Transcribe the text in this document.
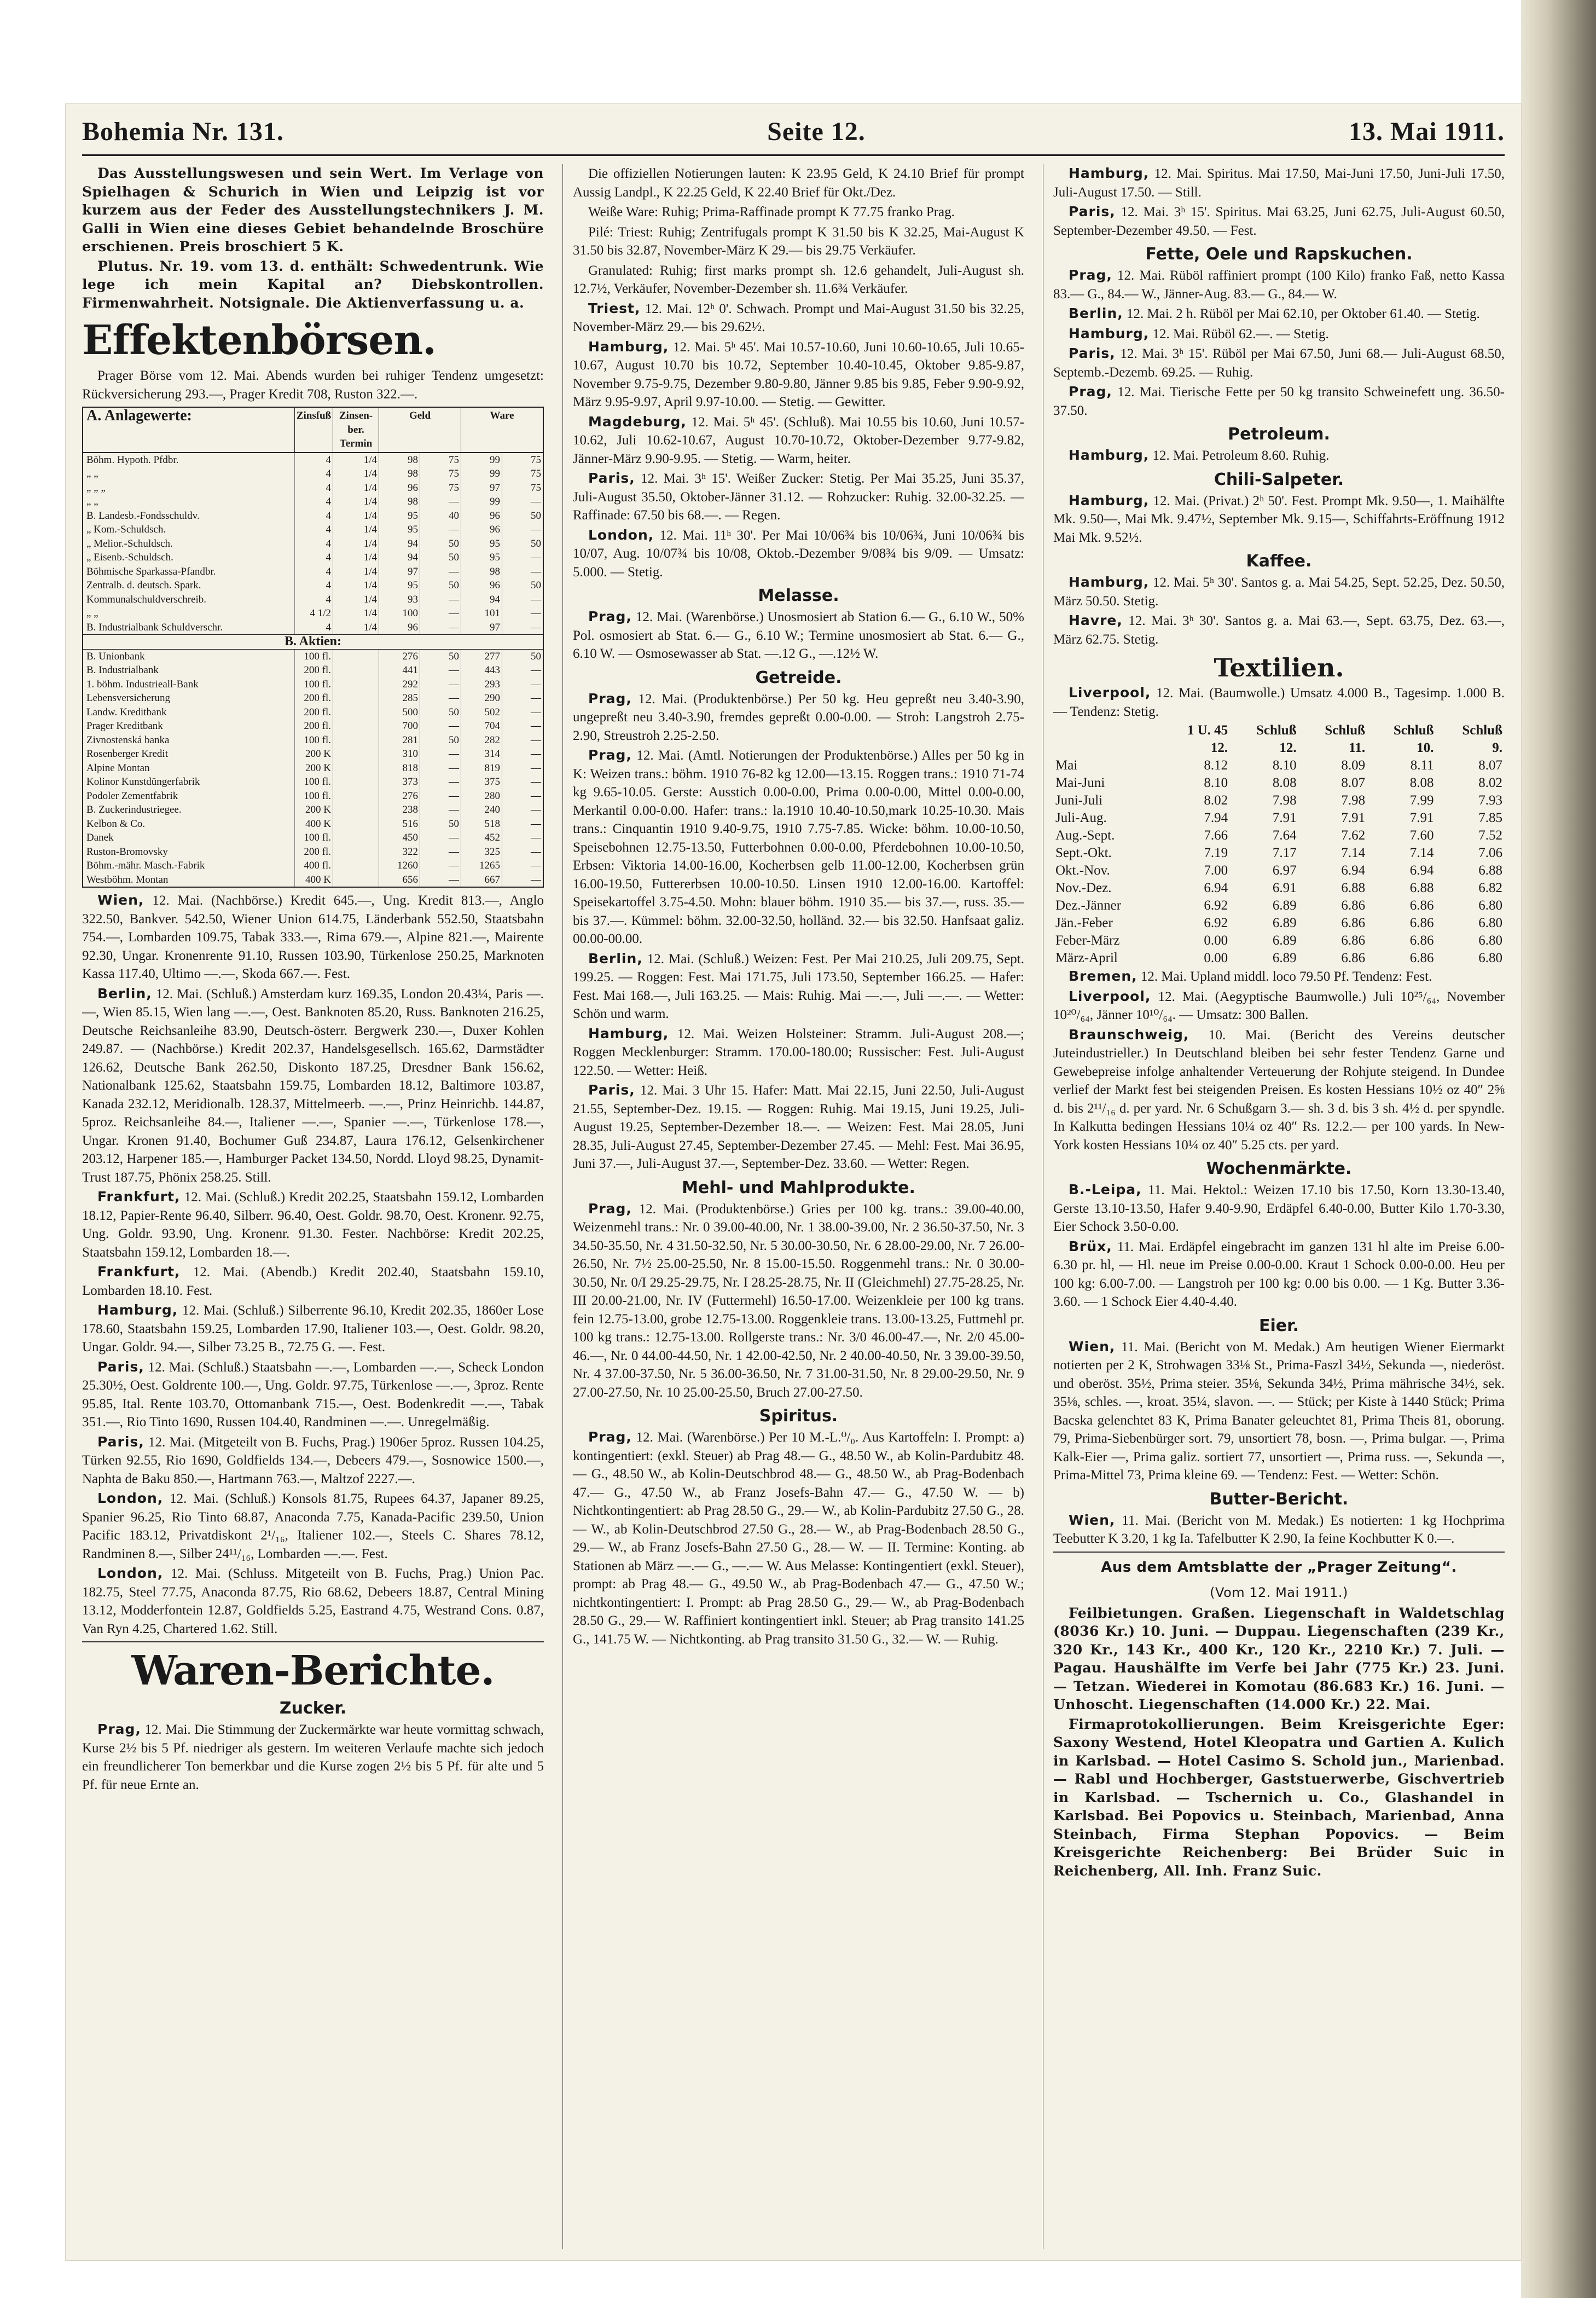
Bohemia Nr. 131.	Seite 12.	13. Mai 1911.

Das Ausstellungswesen und sein Wert. Im Verlage von Spielhagen & Schurich in Wien und Leipzig ist vor kurzem aus der Feder des Ausstellungstechnikers J. M. Galli in Wien eine dieses Gebiet behandelnde Broschüre erschienen. Preis broschiert 5 K.

Plutus. Nr. 19. vom 13. d. enthält: Schwedentrunk. Wie lege ich mein Kapital an? Diebskontrollen. Firmenwahrheit. Notsignale. Die Aktienverfassung u. a.

Effektenbörsen.

Prager Börse vom 12. Mai. Abends wurden bei ruhiger Tendenz umgesetzt: Rückversicherung 293.—, Prager Kredit 708, Ruston 322.—.

A. Anlagewerte:	Zinsfuß Zinsen-ber. Termin
Geld	Ware
Böhm. Hypoth. Pfdbr.	4	1/4	98	75	99	75
„ „	4	1/4	98	75	99	75
„ „ „	4	1/4	96	75	97	75
„ „	4	1/4	98	—	99	—
B. Landesb.-Fondsschuldv.	4	1/4	95	40	96	50
„ Kom.-Schuldsch.	4	1/4	95	—	96	—
„ Melior.-Schuldsch.	4	1/4	94	50	95	50
„ Eisenb.-Schuldsch.	4	1/4	94	50	95	—
Böhmische Sparkassa-Pfandbr.	4	1/4	97	—	98	—
Zentralb. d. deutsch. Spark.	4	1/4	95	50	96	50
Kommunalschuldverschreib.	4	1/4	93	—	94	—
„ „	4 1/2	1/4	100	—	101	—
B. Industrialbank Schuldverschr.	4	1/4	96	—	97	—
B. Aktien:
B. Unionbank	100 fl.	276	50	277	50
B. Industrialbank	200 fl.	441	—	443	—
1. böhm. Industrieall-Bank	100 fl.	292	—	293	—
Lebensversicherung	200 fl.	285	—	290	—
Landw. Kreditbank	200 fl.	500	50	502	—
Prager Kreditbank	200 fl.	700	—	704	—
Zivnostenská banka	100 fl.	281	50	282	—
Rosenberger Kredit	200 K	310	—	314	—
Alpine Montan	200 K	818	—	819	—
Kolinor Kunstdüngerfabrik	100 fl.	373	—	375	—
Podoler Zementfabrik	100 fl.	276	—	280	—
B. Zuckerindustriegee.	200 K	238	—	240	—
Kelbon & Co.	400 K	516	50	518	—
Danek	100 fl.	450	—	452	—
Ruston-Bromovsky	200 fl.	322	—	325	—
Böhm.-mähr. Masch.-Fabrik	400 fl.	1260	—	1265	—
Westböhm. Montan	400 K	656	—	667	—

Wien, 12. Mai. (Nachbörse.) Kredit 645.—, Ung. Kredit 813.—, Anglo 322.50, Bankver. 542.50, Wiener Union 614.75, Länderbank 552.50, Staatsbahn 754.—, Lombarden 109.75, Tabak 333.—, Rima 679.—, Alpine 821.—, Mairente 92.30, Ungar. Kronenrente 91.10, Russen 103.90, Türkenlose 250.25, Marknoten Kassa 117.40, Ultimo —.—, Skoda 667.—. Fest.

Berlin, 12. Mai. (Schluß.) Amsterdam kurz 169.35, London 20.43¼, Paris —.—, Wien 85.15, Wien lang —.—, Oest. Banknoten 85.20, Russ. Banknoten 216.25, Deutsche Reichsanleihe 83.90, Deutsch-österr. Bergwerk 230.—, Duxer Kohlen 249.87. — (Nachbörse.) Kredit 202.37, Handelsgesellsch. 165.62, Darmstädter 126.62, Deutsche Bank 262.50, Diskonto 187.25, Dresdner Bank 156.62, Nationalbank 125.62, Staatsbahn 159.75, Lombarden 18.12, Baltimore 103.87, Kanada 232.12, Meridionalb. 128.37, Mittelmeerb. —.—, Prinz Heinrichb. 144.87, 5proz. Reichsanleihe 84.—, Italiener —.—, Spanier —.—, Türkenlose 178.—, Ungar. Kronen 91.40, Bochumer Guß 234.87, Laura 176.12, Gelsenkirchener 203.12, Harpener 185.—, Hamburger Packet 134.50, Nordd. Lloyd 98.25, Dynamit-Trust 187.75, Phönix 258.25. Still.

Frankfurt, 12. Mai. (Schluß.) Kredit 202.25, Staatsbahn 159.12, Lombarden 18.12, Papier-Rente 96.40, Silberr. 96.40, Oest. Goldr. 98.70, Oest. Kronenr. 92.75, Ung. Goldr. 93.90, Ung. Kronenr. 91.30. Fester. Nachbörse: Kredit 202.25, Staatsbahn 159.12, Lombarden 18.—.

Frankfurt, 12. Mai. (Abendb.) Kredit 202.40, Staatsbahn 159.10, Lombarden 18.10. Fest.

Hamburg, 12. Mai. (Schluß.) Silberrente 96.10, Kredit 202.35, 1860er Lose 178.60, Staatsbahn 159.25, Lombarden 17.90, Italiener 103.—, Oest. Goldr. 98.20, Ungar. Goldr. 94.—, Silber 73.25 B., 72.75 G. —. Fest.

Paris, 12. Mai. (Schluß.) Staatsbahn —.—, Lombarden —.—, Scheck London 25.30½, Oest. Goldrente 100.—, Ung. Goldr. 97.75, Türkenlose —.—, 3proz. Rente 95.85, Ital. Rente 103.70, Ottomanbank 715.—, Oest. Bodenkredit —.—, Tabak 351.—, Rio Tinto 1690, Russen 104.40, Randminen —.—. Unregelmäßig.

Paris, 12. Mai. (Mitgeteilt von B. Fuchs, Prag.) 1906er 5proz. Russen 104.25, Türken 92.55, Rio 1690, Goldfields 134.—, Debeers 479.—, Sosnowice 1500.—, Naphta de Baku 850.—, Hartmann 763.—, Maltzof 2227.—.

London, 12. Mai. (Schluß.) Konsols 81.75, Rupees 64.37, Japaner 89.25, Spanier 96.25, Rio Tinto 68.87, Anaconda 7.75, Kanada-Pacific 239.50, Union Pacific 183.12, Privatdiskont 2¹/₁₆, Italiener 102.—, Steels C. Shares 78.12, Randminen 8.—, Silber 24¹¹/₁₆, Lombarden —.—. Fest.

London, 12. Mai. (Schluss. Mitgeteilt von B. Fuchs, Prag.) Union Pac. 182.75, Steel 77.75, Anaconda 87.75, Rio 68.62, Debeers 18.87, Central Mining 13.12, Modderfontein 12.87, Goldfields 5.25, Eastrand 4.75, Westrand Cons. 0.87, Van Ryn 4.25, Chartered 1.62. Still.

Waren-Berichte.
Zucker.

Prag, 12. Mai. Die Stimmung der Zuckermärkte war heute vormittag schwach, Kurse 2½ bis 5 Pf. niedriger als gestern. Im weiteren Verlaufe machte sich jedoch ein freundlicherer Ton bemerkbar und die Kurse zogen 2½ bis 5 Pf. für alte und 5 Pf. für neue Ernte an.

Die offiziellen Notierungen lauten: K 23.95 Geld, K 24.10 Brief für prompt Aussig Landpl., K 22.25 Geld, K 22.40 Brief für Okt./Dez.

Weiße Ware: Ruhig; Prima-Raffinade prompt K 77.75 franko Prag.

Pilé: Triest: Ruhig; Zentrifugals prompt K 31.50 bis K 32.25, Mai-August K 31.50 bis 32.87, November-März K 29.— bis 29.75 Verkäufer.

Granulated: Ruhig; first marks prompt sh. 12.6 gehandelt, Juli-August sh. 12.7½, Verkäufer, November-Dezember sh. 11.6¾ Verkäufer.

Triest, 12. Mai. 12ʰ 0'. Schwach. Prompt und Mai-August 31.50 bis 32.25, November-März 29.— bis 29.62½.

Hamburg, 12. Mai. 5ʰ 45'. Mai 10.57-10.60, Juni 10.60-10.65, Juli 10.65-10.67, August 10.70 bis 10.72, September 10.40-10.45, Oktober 9.85-9.87, November 9.75-9.75, Dezember 9.80-9.80, Jänner 9.85 bis 9.85, Feber 9.90-9.92, März 9.95-9.97, April 9.97-10.00. — Stetig. — Gewitter.

Magdeburg, 12. Mai. 5ʰ 45'. (Schluß). Mai 10.55 bis 10.60, Juni 10.57-10.62, Juli 10.62-10.67, August 10.70-10.72, Oktober-Dezember 9.77-9.82, Jänner-März 9.90-9.95. — Stetig. — Warm, heiter.

Paris, 12. Mai. 3ʰ 15'. Weißer Zucker: Stetig. Per Mai 35.25, Juni 35.37, Juli-August 35.50, Oktober-Jänner 31.12. — Rohzucker: Ruhig. 32.00-32.25. — Raffinade: 67.50 bis 68.—. — Regen.

London, 12. Mai. 11ʰ 30'. Per Mai 10/06¾ bis 10/06¾, Juni 10/06¾ bis 10/07, Aug. 10/07¾ bis 10/08, Oktob.-Dezember 9/08¾ bis 9/09. — Umsatz: 5.000. — Stetig.

Melasse.

Prag, 12. Mai. (Warenbörse.) Unosmosiert ab Station 6.— G., 6.10 W., 50% Pol. osmosiert ab Stat. 6.— G., 6.10 W.; Termine unosmosiert ab Stat. 6.— G., 6.10 W. — Osmosewasser ab Stat. —.12 G., —.12½ W.

Getreide.

Prag, 12. Mai. (Produktenbörse.) Per 50 kg. Heu gepreßt neu 3.40-3.90, ungepreßt neu 3.40-3.90, fremdes gepreßt 0.00-0.00. — Stroh: Langstroh 2.75-2.90, Streustroh 2.25-2.50.

Prag, 12. Mai. (Amtl. Notierungen der Produktenbörse.) Alles per 50 kg in K: Weizen trans.: böhm. 1910 76-82 kg 12.00—13.15. Roggen trans.: 1910 71-74 kg 9.65-10.05. Gerste: Ausstich 0.00-0.00, Prima 0.00-0.00, Mittel 0.00-0.00, Merkantil 0.00-0.00. Hafer: trans.: la.1910 10.40-10.50,mark 10.25-10.30. Mais trans.: Cinquantin 1910 9.40-9.75, 1910 7.75-7.85. Wicke: böhm. 10.00-10.50, Speisebohnen 12.75-13.50, Futterbohnen 0.00-0.00, Pferdebohnen 10.00-10.50, Erbsen: Viktoria 14.00-16.00, Kocherbsen gelb 11.00-12.00, Kocherbsen grün 16.00-19.50, Futtererbsen 10.00-10.50. Linsen 1910 12.00-16.00. Kartoffel: Speisekartoffel 3.75-4.50. Mohn: blauer böhm. 1910 35.— bis 37.—, russ. 35.— bis 37.—. Kümmel: böhm. 32.00-32.50, holländ. 32.— bis 32.50. Hanfsaat galiz. 00.00-00.00.

Berlin, 12. Mai. (Schluß.) Weizen: Fest. Per Mai 210.25, Juli 209.75, Sept. 199.25. — Roggen: Fest. Mai 171.75, Juli 173.50, September 166.25. — Hafer: Fest. Mai 168.—, Juli 163.25. — Mais: Ruhig. Mai —.—, Juli —.—. — Wetter: Schön und warm.

Hamburg, 12. Mai. Weizen Holsteiner: Stramm. Juli-August 208.—; Roggen Mecklenburger: Stramm. 170.00-180.00; Russischer: Fest. Juli-August 122.50. — Wetter: Heiß.

Paris, 12. Mai. 3 Uhr 15. Hafer: Matt. Mai 22.15, Juni 22.50, Juli-August 21.55, September-Dez. 19.15. — Roggen: Ruhig. Mai 19.15, Juni 19.25, Juli-August 19.25, September-Dezember 18.—. — Weizen: Fest. Mai 28.05, Juni 28.35, Juli-August 27.45, September-Dezember 27.45. — Mehl: Fest. Mai 36.95, Juni 37.—, Juli-August 37.—, September-Dez. 33.60. — Wetter: Regen.

Mehl- und Mahlprodukte.

Prag, 12. Mai. (Produktenbörse.) Gries per 100 kg. trans.: 39.00-40.00, Weizenmehl trans.: Nr. 0 39.00-40.00, Nr. 1 38.00-39.00, Nr. 2 36.50-37.50, Nr. 3 34.50-35.50, Nr. 4 31.50-32.50, Nr. 5 30.00-30.50, Nr. 6 28.00-29.00, Nr. 7 26.00-26.50, Nr. 7½ 25.00-25.50, Nr. 8 15.00-15.50. Roggenmehl trans.: Nr. 0 30.00-30.50, Nr. 0/I 29.25-29.75, Nr. I 28.25-28.75, Nr. II (Gleichmehl) 27.75-28.25, Nr. III 20.00-21.00, Nr. IV (Futtermehl) 16.50-17.00. Weizenkleie per 100 kg trans. fein 12.75-13.00, grobe 12.75-13.00. Roggenkleie trans. 13.00-13.25, Futtmehl pr. 100 kg trans.: 12.75-13.00. Rollgerste trans.: Nr. 3/0 46.00-47.—, Nr. 2/0 45.00-46.—, Nr. 0 44.00-44.50, Nr. 1 42.00-42.50, Nr. 2 40.00-40.50, Nr. 3 39.00-39.50, Nr. 4 37.00-37.50, Nr. 5 36.00-36.50, Nr. 7 31.00-31.50, Nr. 8 29.00-29.50, Nr. 9 27.00-27.50, Nr. 10 25.00-25.50, Bruch 27.00-27.50.

Spiritus.

Prag, 12. Mai. (Warenbörse.) Per 10 M.-L.⁰/₀. Aus Kartoffeln: I. Prompt: a) kontingentiert: (exkl. Steuer) ab Prag 48.— G., 48.50 W., ab Kolin-Pardubitz 48.— G., 48.50 W., ab Kolin-Deutschbrod 48.— G., 48.50 W., ab Prag-Bodenbach 47.— G., 47.50 W., ab Franz Josefs-Bahn 47.— G., 47.50 W. — b) Nichtkontingentiert: ab Prag 28.50 G., 29.— W., ab Kolin-Pardubitz 27.50 G., 28.— W., ab Kolin-Deutschbrod 27.50 G., 28.— W., ab Prag-Bodenbach 28.50 G., 29.— W., ab Franz Josefs-Bahn 27.50 G., 28.— W. — II. Termine: Konting. ab Stationen ab März —.— G., —.— W. Aus Melasse: Kontingentiert (exkl. Steuer), prompt: ab Prag 48.— G., 49.50 W., ab Prag-Bodenbach 47.— G., 47.50 W.; nichtkontingentiert: I. Prompt: ab Prag 28.50 G., 29.— W., ab Prag-Bodenbach 28.50 G., 29.— W. Raffiniert kontingentiert inkl. Steuer; ab Prag transito 141.25 G., 141.75 W. — Nichtkonting. ab Prag transito 31.50 G., 32.— W. — Ruhig.

Hamburg, 12. Mai. Spiritus. Mai 17.50, Mai-Juni 17.50, Juni-Juli 17.50, Juli-August 17.50. — Still.

Paris, 12. Mai. 3ʰ 15'. Spiritus. Mai 63.25, Juni 62.75, Juli-August 60.50, September-Dezember 49.50. — Fest.

Fette, Oele und Rapskuchen.

Prag, 12. Mai. Rüböl raffiniert prompt (100 Kilo) franko Faß, netto Kassa 83.— G., 84.— W., Jänner-Aug. 83.— G., 84.— W.

Berlin, 12. Mai. 2 h. Rüböl per Mai 62.10, per Oktober 61.40. — Stetig.

Hamburg, 12. Mai. Rüböl 62.—. — Stetig.

Paris, 12. Mai. 3ʰ 15'. Rüböl per Mai 67.50, Juni 68.— Juli-August 68.50, Septemb.-Dezemb. 69.25. — Ruhig.

Prag, 12. Mai. Tierische Fette per 50 kg transito Schweinefett ung. 36.50-37.50.

Petroleum.

Hamburg, 12. Mai. Petroleum 8.60. Ruhig.

Chili-Salpeter.

Hamburg, 12. Mai. (Privat.) 2ʰ 50'. Fest. Prompt Mk. 9.50—, 1. Maihälfte Mk. 9.50—, Mai Mk. 9.47½, September Mk. 9.15—, Schiffahrts-Eröffnung 1912 Mai Mk. 9.52½.

Kaffee.

Hamburg, 12. Mai. 5ʰ 30'. Santos g. a. Mai 54.25, Sept. 52.25, Dez. 50.50, März 50.50. Stetig.

Havre, 12. Mai. 3ʰ 30'. Santos g. a. Mai 63.—, Sept. 63.75, Dez. 63.—, März 62.75. Stetig.

Textilien.

Liverpool, 12. Mai. (Baumwolle.) Umsatz 4.000 B., Tagesimp. 1.000 B. — Tendenz: Stetig.

	1 U. 45	Schluß	Schluß	Schluß	Schluß
	12.	12.	11.	10.	9.
Mai	8.12	8.10	8.09	8.11	8.07
Mai-Juni	8.10	8.08	8.07	8.08	8.02
Juni-Juli	8.02	7.98	7.98	7.99	7.93
Juli-Aug.	7.94	7.91	7.91	7.91	7.85
Aug.-Sept.	7.66	7.64	7.62	7.60	7.52
Sept.-Okt.	7.19	7.17	7.14	7.14	7.06
Okt.-Nov.	7.00	6.97	6.94	6.94	6.88
Nov.-Dez.	6.94	6.91	6.88	6.88	6.82
Dez.-Jänner	6.92	6.89	6.86	6.86	6.80
Jän.-Feber	6.92	6.89	6.86	6.86	6.80
Feber-März	0.00	6.89	6.86	6.86	6.80
März-April	0.00	6.89	6.86	6.86	6.80

Bremen, 12. Mai. Upland middl. loco 79.50 Pf. Tendenz: Fest.

Liverpool, 12. Mai. (Aegyptische Baumwolle.) Juli 10²⁵/₆₄, November 10²⁰/₆₄, Jänner 10¹⁰/₆₄. — Umsatz: 300 Ballen.

Braunschweig, 10. Mai. (Bericht des Vereins deutscher Juteindustrieller.) In Deutschland bleiben bei sehr fester Tendenz Garne und Gewebepreise infolge anhaltender Verteuerung der Rohjute steigend. In Dundee verlief der Markt fest bei steigenden Preisen. Es kosten Hessians 10½ oz 40″ 2⅝ d. bis 2¹¹/₁₆ d. per yard. Nr. 6 Schußgarn 3.— sh. 3 d. bis 3 sh. 4½ d. per spyndle. In Kalkutta bedingen Hessians 10¼ oz 40″ Rs. 12.2.— per 100 yards. In New-York kosten Hessians 10¼ oz 40″ 5.25 cts. per yard.

Wochenmärkte.

B.-Leipa, 11. Mai. Hektol.: Weizen 17.10 bis 17.50, Korn 13.30-13.40, Gerste 13.10-13.50, Hafer 9.40-9.90, Erdäpfel 6.40-0.00, Butter Kilo 1.70-3.30, Eier Schock 3.50-0.00.

Brüx, 11. Mai. Erdäpfel eingebracht im ganzen 131 hl alte im Preise 6.00-6.30 pr. hl, — Hl. neue im Preise 0.00-0.00. Kraut 1 Schock 0.00-0.00. Heu per 100 kg: 6.00-7.00. — Langstroh per 100 kg: 0.00 bis 0.00. — 1 Kg. Butter 3.36-3.60. — 1 Schock Eier 4.40-4.40.

Eier.

Wien, 11. Mai. (Bericht von M. Medak.) Am heutigen Wiener Eiermarkt notierten per 2 K, Strohwagen 33⅛ St., Prima-Faszl 34½, Sekunda —, niederöst. und oberöst. 35½, Prima steier. 35⅛, Sekunda 34½, Prima mährische 34½, sek. 35⅛, schles. —, kroat. 35¼, slavon. —. — Stück; per Kiste à 1440 Stück; Prima Bacska gelenchtet 83 K, Prima Banater geleuchtet 81, Prima Theis 81, oborung. 79, Prima-Siebenbürger sort. 79, unsortiert 78, bosn. —, Prima bulgar. —, Prima Kalk-Eier —, Prima galiz. sortiert 77, unsortiert —, Prima russ. —, Sekunda —, Prima-Mittel 73, Prima kleine 69. — Tendenz: Fest. — Wetter: Schön.

Butter-Bericht.

Wien, 11. Mai. (Bericht von M. Medak.) Es notierten: 1 kg Hochprima Teebutter K 3.20, 1 kg Ia. Tafelbutter K 2.90, Ia feine Kochbutter K 0.—.

Aus dem Amtsblatte der „Prager Zeitung“.
(Vom 12. Mai 1911.)

Feilbietungen. Graßen. Liegenschaft in Waldetschlag (8036 Kr.) 10. Juni. — Duppau. Liegenschaften (239 Kr., 320 Kr., 143 Kr., 400 Kr., 120 Kr., 2210 Kr.) 7. Juli. — Pagau. Haushälfte im Verfe bei Jahr (775 Kr.) 23. Juni. — Tetzan. Wiederei in Komotau (86.683 Kr.) 16. Juni. — Unhoscht. Liegenschaften (14.000 Kr.) 22. Mai.

Firmaprotokollierungen. Beim Kreisgerichte Eger: Saxony Westend, Hotel Kleopatra und Gartien A. Kulich in Karlsbad. — Hotel Casimo S. Schold jun., Marienbad. — Rabl und Hochberger, Gaststuerwerbe, Gischvertrieb in Karlsbad. — Tschernich u. Co., Glashandel in Karlsbad. Bei Popovics u. Steinbach, Marienbad, Anna Steinbach, Firma Stephan Popovics. — Beim Kreisgerichte Reichenberg: Bei Brüder Suic in Reichenberg, All. Inh. Franz Suic.
